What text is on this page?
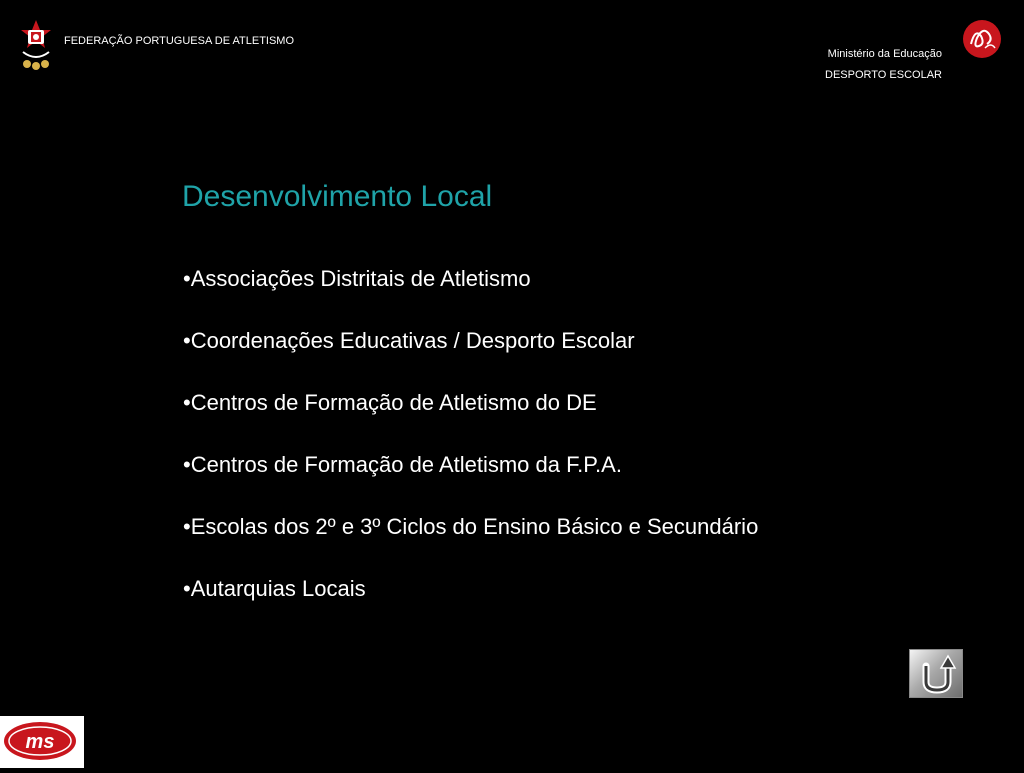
FEDERAÇÃO PORTUGUESA DE ATLETISMO
Ministério da Educação
DESPORTO ESCOLAR
Desenvolvimento Local
•Associações Distritais de Atletismo
•Coordenações Educativas / Desporto Escolar
•Centros de Formação de Atletismo do DE
•Centros de Formação de Atletismo da F.P.A.
•Escolas dos 2º e 3º Ciclos do Ensino Básico e Secundário
•Autarquias Locais
ms
